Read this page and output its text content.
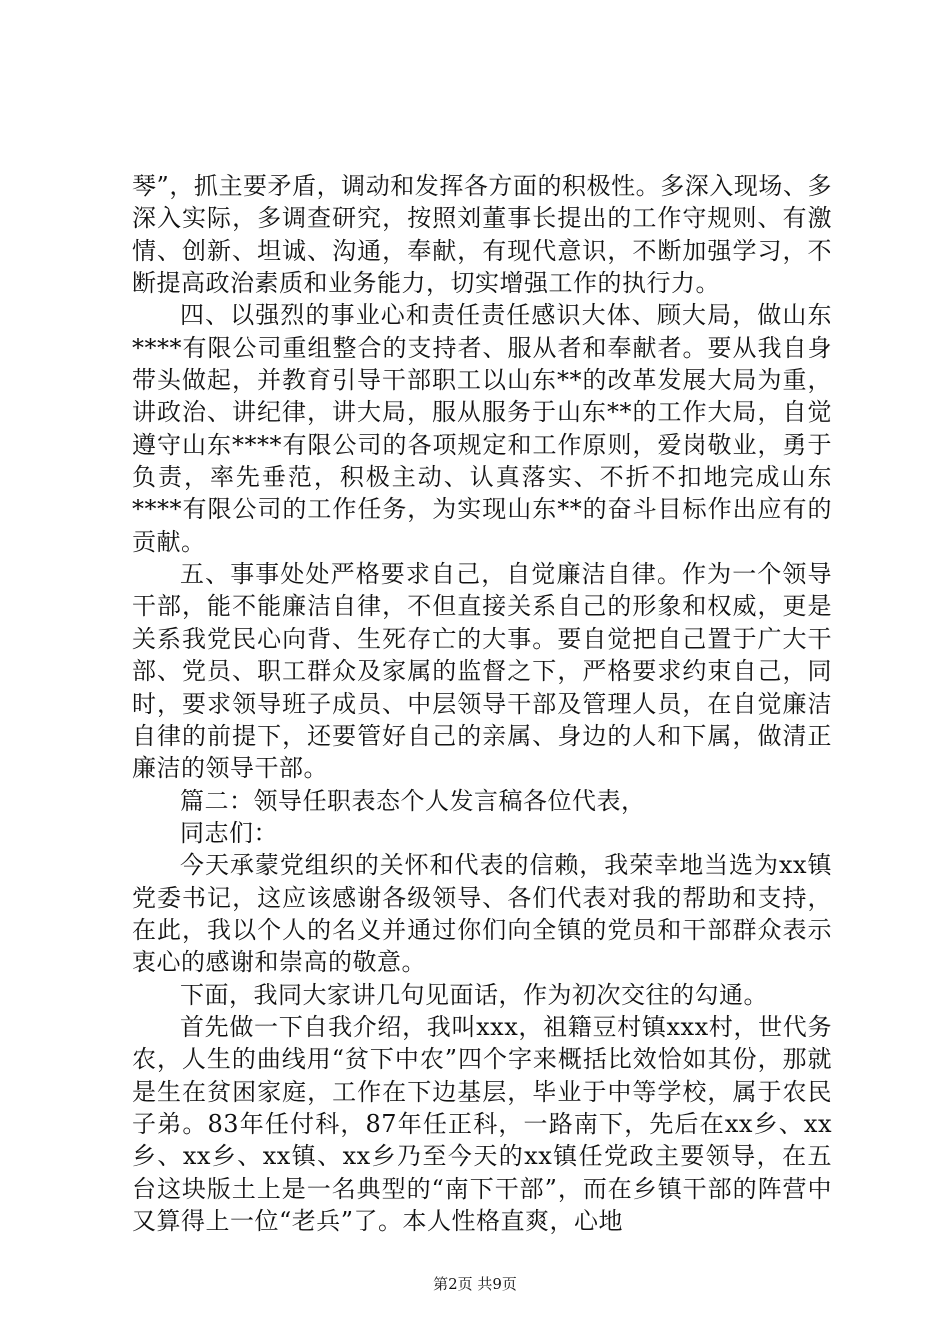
琴”，抓主要矛盾，调动和发挥各方面的积极性。多深入现场、多深入实际，多调查研究，按照刘董事长提出的工作守规则、有激情、创新、坦诚、沟通，奉献，有现代意识，不断加强学习，不断提高政治素质和业务能力，切实增强工作的执行力。

四、以强烈的事业心和责任责任感识大体、顾大局，做山东****有限公司重组整合的支持者、服从者和奉献者。要从我自身带头做起，并教育引导干部职工以山东**的改革发展大局为重，讲政治、讲纪律，讲大局，服从服务于山东**的工作大局，自觉遵守山东****有限公司的各项规定和工作原则，爱岗敬业，勇于负责，率先垂范，积极主动、认真落实、不折不扣地完成山东****有限公司的工作任务，为实现山东**的奋斗目标作出应有的贡献。

五、事事处处严格要求自己，自觉廉洁自律。作为一个领导干部，能不能廉洁自律，不但直接关系自己的形象和权威，更是关系我党民心向背、生死存亡的大事。要自觉把自己置于广大干部、党员、职工群众及家属的监督之下，严格要求约束自己，同时，要求领导班子成员、中层领导干部及管理人员，在自觉廉洁自律的前提下，还要管好自己的亲属、身边的人和下属，做清正廉洁的领导干部。

篇二：领导任职表态个人发言稿各位代表，

同志们：

今天承蒙党组织的关怀和代表的信赖，我荣幸地当选为xx镇党委书记，这应该感谢各级领导、各们代表对我的帮助和支持，在此，我以个人的名义并通过你们向全镇的党员和干部群众表示衷心的感谢和崇高的敬意。

下面，我同大家讲几句见面话，作为初次交往的勾通。

首先做一下自我介绍，我叫xxx，祖籍豆村镇xxx村，世代务农，人生的曲线用“贫下中农”四个字来概括比效恰如其份，那就是生在贫困家庭，工作在下边基层，毕业于中等学校，属于农民子弟。83年任付科，87年任正科，一路南下，先后在xx乡、xx乡、xx乡、xx镇、xx乡乃至今天的xx镇任党政主要领导，在五台这块版土上是一名典型的“南下干部”，而在乡镇干部的阵营中又算得上一位“老兵”了。本人性格直爽，心地

第2页 共9页
